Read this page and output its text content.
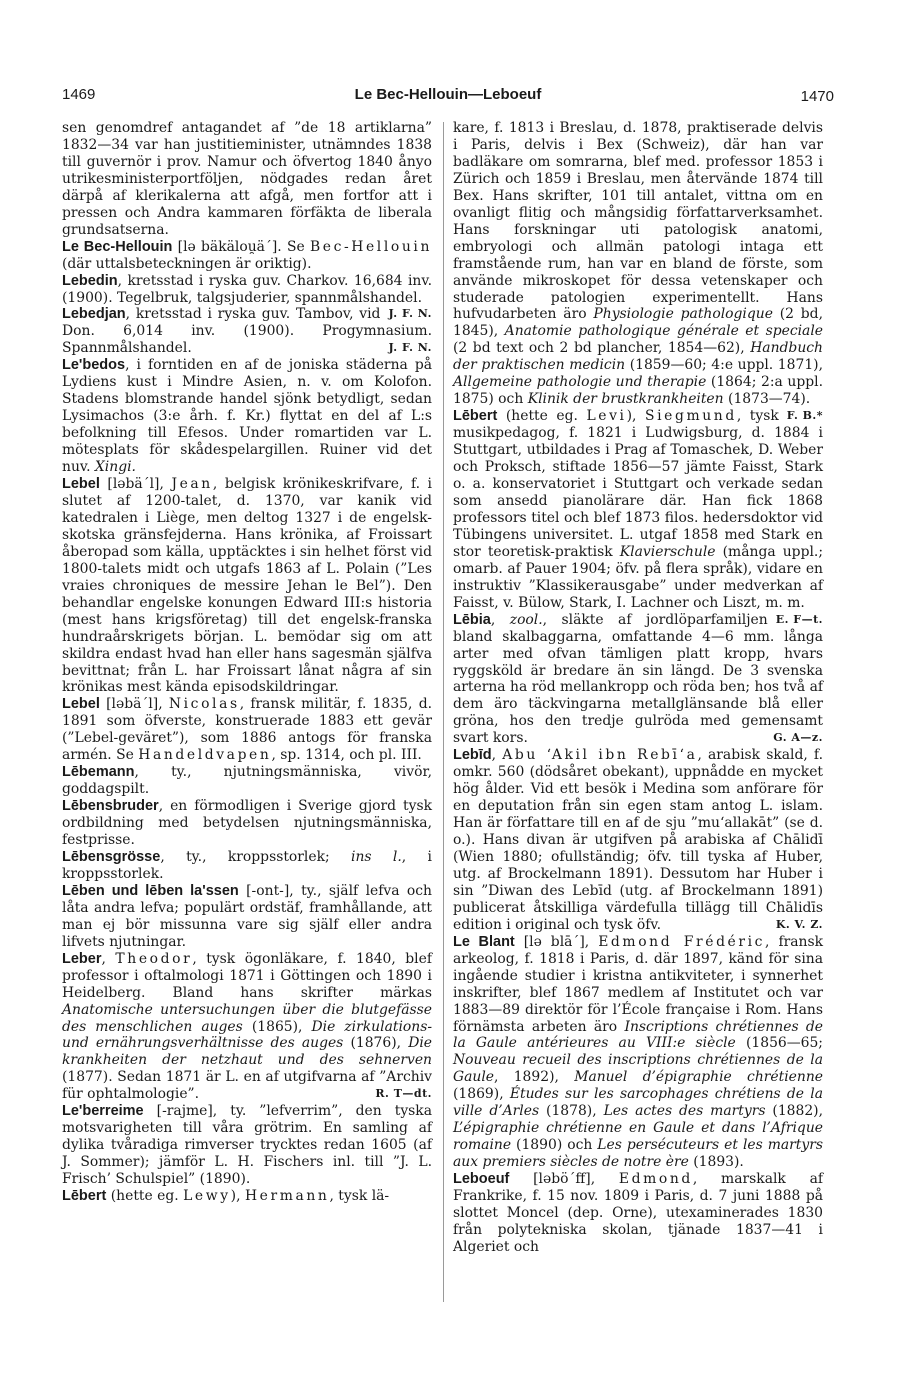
1469	Le Bec-Hellouin—Leboeuf	1470

sen genomdref antagandet af ”de 18 artiklarna” 1832—34 var han justitieminister, utnämndes 1838 till guvernör i prov. Namur och öfvertog 1840 ånyo utrikesministerportföljen, nödgades redan året därpå af klerikalerna att afgå, men fortfor att i pressen och Andra kammaren förfäkta de liberala grundsatserna.

Le Bec-Hellouin [lə bäkälou̯ä´]. Se Bec-Hellouin (där uttalsbeteckningen är oriktig).

Lebedin, kretsstad i ryska guv. Charkov. 16,684 inv. (1900). Tegelbruk, talgsjuderier, spannmålshandel.
J. F. N.

Lebedjan, kretsstad i ryska guv. Tambov, vid Don. 6,014 inv. (1900). Progymnasium. Spannmålshandel.	J. F. N.

Le'bedos, i forntiden en af de joniska städerna på Lydiens kust i Mindre Asien, n. v. om Kolofon. Stadens blomstrande handel sjönk betydligt, sedan Lysimachos (3:e årh. f. Kr.) flyttat en del af L:s befolkning till Efesos. Under romartiden var L. mötesplats för skådespelargillen. Ruiner vid det nuv. Xingi.

Lebel [ləbä´l], Jean, belgisk krönikeskrifvare, f. i slutet af 1200-talet, d. 1370, var kanik vid katedralen i Liège, men deltog 1327 i de engelsk-skotska gränsfejderna. Hans krönika, af Froissart åberopad som källa, upptäcktes i sin helhet först vid 1800-talets midt och utgafs 1863 af L. Polain (”Les vraies chroniques de messire Jehan le Bel”). Den behandlar engelske konungen Edward III:s historia (mest hans krigsföretag) till det engelsk-franska hundraårskrigets början. L. bemödar sig om att skildra endast hvad han eller hans sagesmän själfva bevittnat; från L. har Froissart lånat några af sin krönikas mest kända episodskildringar.

Lebel [ləbä´l], Nicolas, fransk militär, f. 1835, d. 1891 som öfverste, konstruerade 1883 ett gevär (”Lebel-geväret”), som 1886 antogs för franska armén. Se Handeldvapen, sp. 1314, och pl. III.

Lēbemann, ty., njutningsmänniska, vivör, goddagspilt.

Lēbensbruder, en förmodligen i Sverige gjord tysk ordbildning med betydelsen njutningsmänniska, festprisse.

Lēbensgrösse, ty., kroppsstorlek; ins l., i kroppsstorlek.

Lēben und lēben la'ssen [-ont-], ty., själf lefva och låta andra lefva; populärt ordstäf, framhållande, att man ej bör missunna vare sig själf eller andra lifvets njutningar.

Leber, Theodor, tysk ögonläkare, f. 1840, blef professor i oftalmologi 1871 i Göttingen och 1890 i Heidelberg. Bland hans skrifter märkas Anatomische untersuchungen über die blutgefässe des menschlichen auges (1865), Die zirkulations- und ernährungsverhältnisse des auges (1876), Die krankheiten der netzhaut und des sehnerven (1877). Sedan 1871 är L. en af utgifvarna af ”Archiv für ophtalmologie”.	R. T—dt.

Le'berreime [-rajme], ty. ”lefverrim”, den tyska motsvarigheten till våra grötrim. En samling af dylika tvåradiga rimverser trycktes redan 1605 (af J. Sommer); jämför L. H. Fischers inl. till ”J. L. Frisch’ Schulspiel” (1890).

Lēbert (hette eg. Lewy), Hermann, tysk lä-

kare, f. 1813 i Breslau, d. 1878, praktiserade delvis i Paris, delvis i Bex (Schweiz), där han var badläkare om somrarna, blef med. professor 1853 i Zürich och 1859 i Breslau, men återvände 1874 till Bex. Hans skrifter, 101 till antalet, vittna om en ovanligt flitig och mångsidig författarverksamhet. Hans forskningar uti patologisk anatomi, embryologi och allmän patologi intaga ett framstående rum, han var en bland de förste, som använde mikroskopet för dessa vetenskaper och studerade patologien experimentellt. Hans hufvudarbeten äro Physiologie pathologique (2 bd, 1845), Anatomie pathologique générale et speciale (2 bd text och 2 bd plancher, 1854—62), Handbuch der praktischen medicin (1859—60; 4:e uppl. 1871), Allgemeine pathologie und therapie (1864; 2:a uppl. 1875) och Klinik der brustkrankheiten (1873—74).
F. B.*

Lēbert (hette eg. Levi), Siegmund, tysk musikpedagog, f. 1821 i Ludwigsburg, d. 1884 i Stuttgart, utbildades i Prag af Tomaschek, D. Weber och Proksch, stiftade 1856—57 jämte Faisst, Stark o. a. konservatoriet i Stuttgart och verkade sedan som ansedd pianolärare där. Han fick 1868 professors titel och blef 1873 filos. hedersdoktor vid Tübingens universitet. L. utgaf 1858 med Stark en stor teoretisk-praktisk Klavierschule (många uppl.; omarb. af Pauer 1904; öfv. på flera språk), vidare en instruktiv ”Klassikerausgabe” under medverkan af Faisst, v. Bülow, Stark, I. Lachner och Liszt, m. m.
E. F—t.

Lēbia, zool., släkte af jordlöparfamiljen bland skalbaggarna, omfattande 4—6 mm. långa arter med ofvan tämligen platt kropp, hvars ryggsköld är bredare än sin längd. De 3 svenska arterna ha röd mellankropp och röda ben; hos två af dem äro täckvingarna metallglänsande blå eller gröna, hos den tredje gulröda med gemensamt svart kors.	G. A—z.

Lebīd, Abu ‘Akil ibn Rebī‘a, arabisk skald, f. omkr. 560 (dödsåret obekant), uppnådde en mycket hög ålder. Vid ett besök i Medina som anförare för en deputation från sin egen stam antog L. islam. Han är författare till en af de sju ”mu‘allakāt” (se d. o.). Hans divan är utgifven på arabiska af Chālidī (Wien 1880; ofullständig; öfv. till tyska af Huber, utg. af Brockelmann 1891). Dessutom har Huber i sin ”Diwan des Lebīd (utg. af Brockelmann 1891) publicerat åtskilliga värdefulla tillägg till Chālidīs edition i original och tysk öfv.	K. V. Z.

Le Blant [lə blā´], Edmond Frédéric, fransk arkeolog, f. 1818 i Paris, d. där 1897, känd för sina ingående studier i kristna antikviteter, i synnerhet inskrifter, blef 1867 medlem af Institutet och var 1883—89 direktör för l’École française i Rom. Hans förnämsta arbeten äro Inscriptions chrétiennes de la Gaule antérieures au VIII:e siècle (1856—65; Nouveau recueil des inscriptions chrétiennes de la Gaule, 1892), Manuel d’épigraphie chrétienne (1869), Études sur les sarcophages chrétiens de la ville d’Arles (1878), Les actes des martyrs (1882), L’épigraphie chrétienne en Gaule et dans l’Afrique romaine (1890) och Les persécuteurs et les martyrs aux premiers siècles de notre ère (1893).

Leboeuf [ləbö´ff], Edmond, marskalk af Frankrike, f. 15 nov. 1809 i Paris, d. 7 juni 1888 på slottet Moncel (dep. Orne), utexaminerades 1830 från polytekniska skolan, tjänade 1837—41 i Algeriet och
